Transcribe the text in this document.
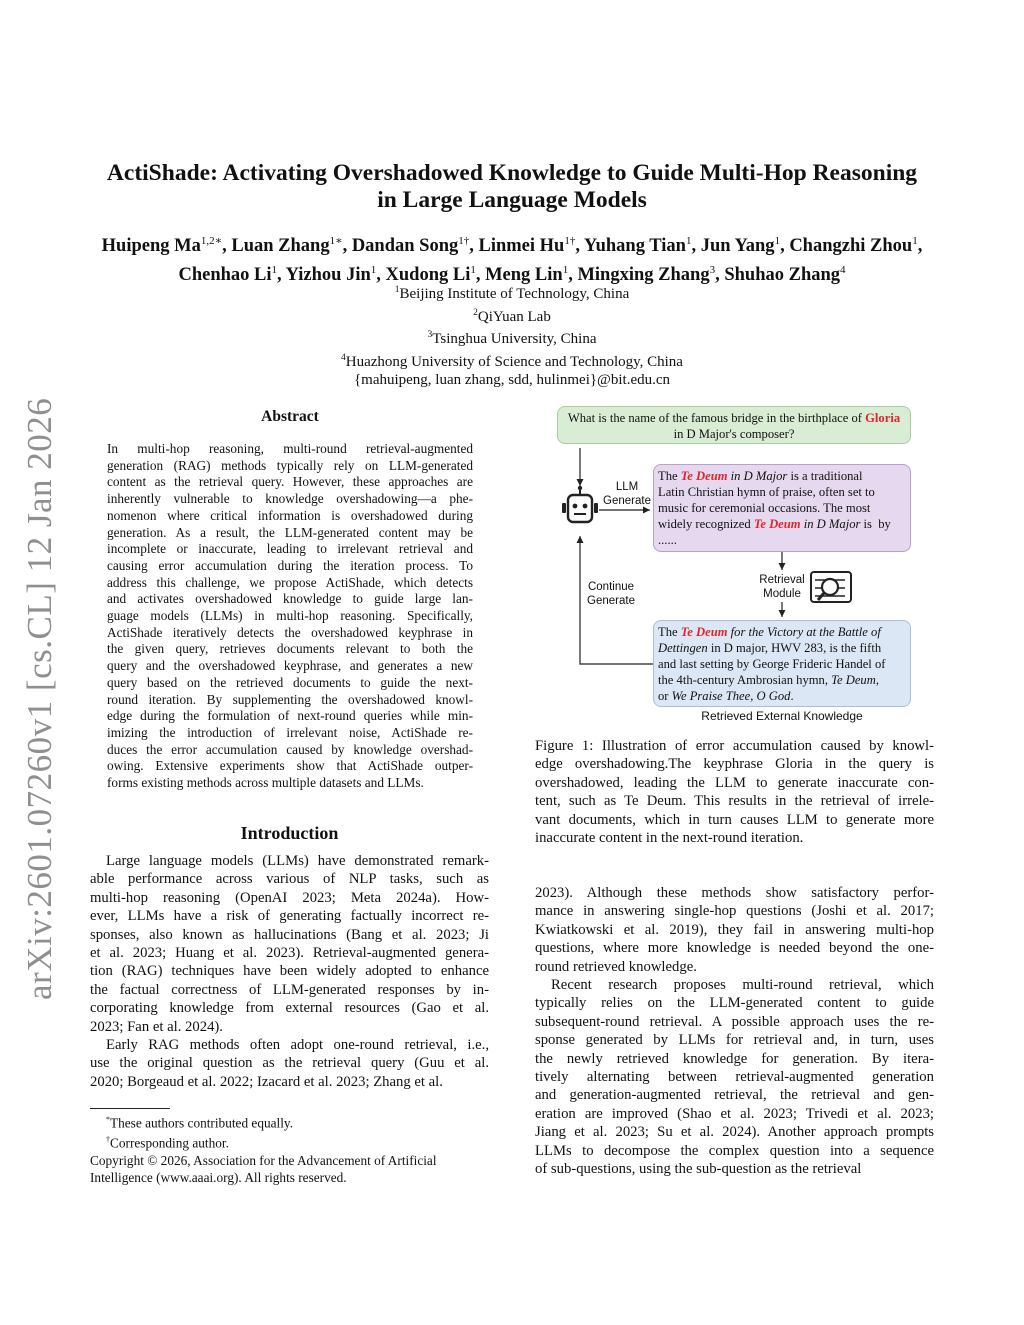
arXiv:2601.07260v1 [cs.CL] 12 Jan 2026
ActiShade: Activating Overshadowed Knowledge to Guide Multi-Hop Reasoning
in Large Language Models
Huipeng $Ma^{1,2∗}$, Luan Zhang$^{1∗}$, Dandan Song$^{1\dagger}$, Linmei $Hu^{1\dagger}$, Yuhang Tian$^1$, Jun Yang$^1$, Changzhi Zhou$^1$, Chenhao Li$^1$, Yizhou Jin$^1$, Xudong Li$^1$, Meng Lin$^1$, Mingxing Zhang$^3$, Shuhao Zhang$^4$
$^1$Beijing Institute of Technology, China
$^2$QiYuan Lab
$^3$Tsinghua University, China
$^4$Huazhong University of Science and Technology, China
{mahuipeng, luan zhang, sdd, hulinmei}@bit.edu.cn
Abstract
In multi-hop reasoning, multi-round retrieval-augmented
generation (RAG) methods typically rely on LLM-generated
content as the retrieval query. However, these approaches are
inherently vulnerable to knowledge overshadowing—a phe-
nomenon where critical information is overshadowed during
generation. As a result, the LLM-generated content may be
incomplete or inaccurate, leading to irrelevant retrieval and
causing error accumulation during the iteration process. To
address this challenge, we propose ActiShade, which detects
and activates overshadowed knowledge to guide large lan-
guage models (LLMs) in multi-hop reasoning. Specifically,
ActiShade iteratively detects the overshadowed keyphrase in
the given query, retrieves documents relevant to both the
query and the overshadowed keyphrase, and generates a new
query based on the retrieved documents to guide the next-
round iteration. By supplementing the overshadowed knowl-
edge during the formulation of next-round queries while min-
imizing the introduction of irrelevant noise, ActiShade re-
duces the error accumulation caused by knowledge overshad-
owing. Extensive experiments show that ActiShade outper-
forms existing methods across multiple datasets and LLMs.
Introduction
Large language models (LLMs) have demonstrated remark-
able performance across various of NLP tasks, such as
multi-hop reasoning (OpenAI 2023; Meta 2024a). How-
ever, LLMs have a risk of generating factually incorrect re-
sponses, also known as hallucinations (Bang et al. 2023; Ji
et al. 2023; Huang et al. 2023). Retrieval-augmented genera-
tion (RAG) techniques have been widely adopted to enhance
the factual correctness of LLM-generated responses by in-
corporating knowledge from external resources (Gao et al.
2023; Fan et al. 2024).
Early RAG methods often adopt one-round retrieval, i.e.,
use the original question as the retrieval query (Guu et al.
2020; Borgeaud et al. 2022; Izacard et al. 2023; Zhang et al.
*These authors contributed equally.
†Corresponding author.
Copyright © 2026, Association for the Advancement of Artificial
Intelligence (www.aaai.org). All rights reserved.
What is the name of the famous bridge in the birthplace of Gloria
in D Major's composer?
LLM Generate
The Te Deum in D Major is a traditional
Latin Christian hymn of praise, often set to
music for ceremonial occasions. The most
widely recognized Te Deum in D Major is  by
......
Retrieval Module
Continue Generate
The Te Deum for the Victory at the Battle of
Dettingen in D major, HWV 283, is the fifth
and last setting by George Frideric Handel of
the 4th-century Ambrosian hymn, Te Deum,
or We Praise Thee, O God.
Retrieved External Knowledge
Figure 1: Illustration of error accumulation caused by knowl-
edge overshadowing.The keyphrase Gloria in the query is
overshadowed, leading the LLM to generate inaccurate con-
tent, such as Te Deum. This results in the retrieval of irrele-
vant documents, which in turn causes LLM to generate more
inaccurate content in the next-round iteration.
2023). Although these methods show satisfactory perfor-
mance in answering single-hop questions (Joshi et al. 2017;
Kwiatkowski et al. 2019), they fail in answering multi-hop
questions, where more knowledge is needed beyond the one-
round retrieved knowledge.
Recent research proposes multi-round retrieval, which
typically relies on the LLM-generated content to guide
subsequent-round retrieval. A possible approach uses the re-
sponse generated by LLMs for retrieval and, in turn, uses
the newly retrieved knowledge for generation. By itera-
tively alternating between retrieval-augmented generation
and generation-augmented retrieval, the retrieval and gen-
eration are improved (Shao et al. 2023; Trivedi et al. 2023;
Jiang et al. 2023; Su et al. 2024). Another approach prompts
LLMs to decompose the complex question into a sequence
of sub-questions, using the sub-question as the retrieval
